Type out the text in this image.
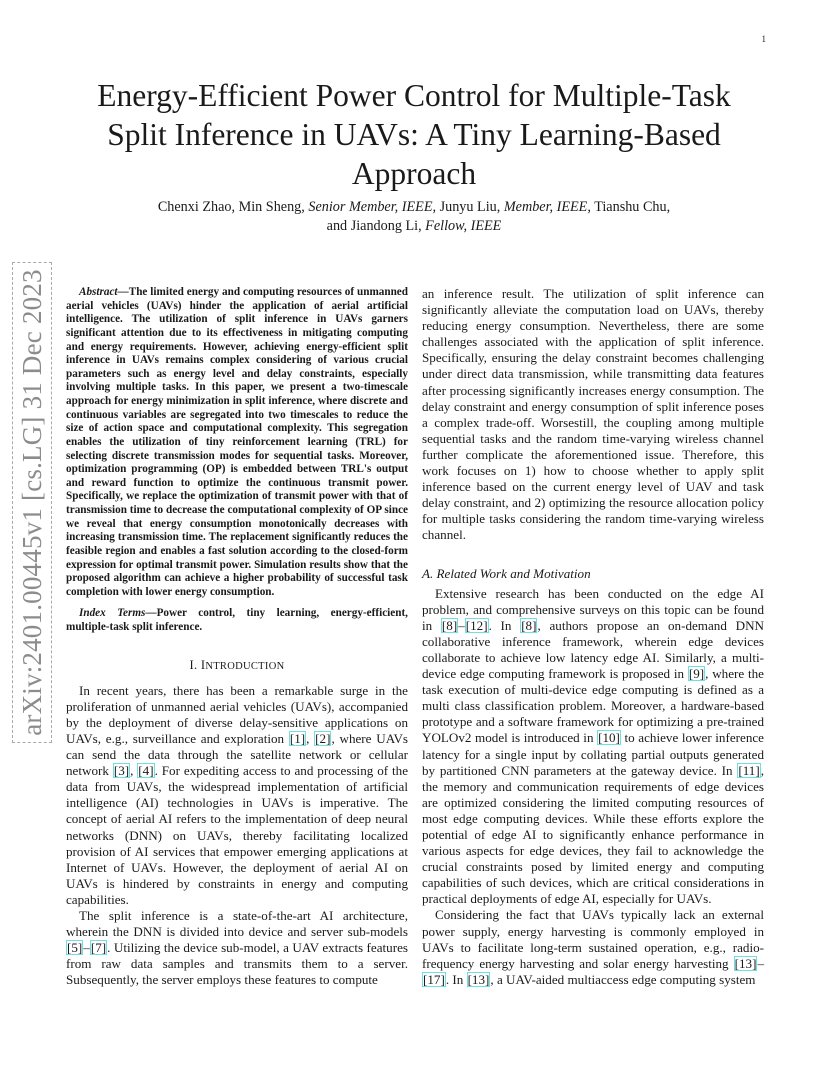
1
arXiv:2401.00445v1 [cs.LG] 31 Dec 2023
Energy-Efficient Power Control for Multiple-Task Split Inference in UAVs: A Tiny Learning-Based Approach
Chenxi Zhao, Min Sheng, Senior Member, IEEE, Junyu Liu, Member, IEEE, Tianshu Chu,
and Jiandong Li, Fellow, IEEE

Abstract—The limited energy and computing resources of unmanned aerial vehicles (UAVs) hinder the application of aerial artificial intelligence. The utilization of split inference in UAVs garners significant attention due to its effectiveness in mitigating computing and energy requirements. However, achieving energy-efficient split inference in UAVs remains complex considering of various crucial parameters such as energy level and delay constraints, especially involving multiple tasks. In this paper, we present a two-timescale approach for energy minimization in split inference, where discrete and continuous variables are segregated into two timescales to reduce the size of action space and computational complexity. This segregation enables the utilization of tiny reinforcement learning (TRL) for selecting discrete transmission modes for sequential tasks. Moreover, optimization programming (OP) is embedded between TRL's output and reward function to optimize the continuous transmit power. Specifically, we replace the optimization of transmit power with that of transmission time to decrease the computational complexity of OP since we reveal that energy consumption monotonically decreases with increasing transmission time. The replacement significantly reduces the feasible region and enables a fast solution according to the closed-form expression for optimal transmit power. Simulation results show that the proposed algorithm can achieve a higher probability of successful task completion with lower energy consumption.

Index Terms—Power control, tiny learning, energy-efficient, multiple-task split inference.

I. INTRODUCTION

In recent years, there has been a remarkable surge in the proliferation of unmanned aerial vehicles (UAVs), accompanied by the deployment of diverse delay-sensitive applications on UAVs, e.g., surveillance and exploration [1], [2], where UAVs can send the data through the satellite network or cellular network [3], [4]. For expediting access to and processing of the data from UAVs, the widespread implementation of artificial intelligence (AI) technologies in UAVs is imperative. The concept of aerial AI refers to the implementation of deep neural networks (DNN) on UAVs, thereby facilitating localized provision of AI services that empower emerging applications at Internet of UAVs. However, the deployment of aerial AI on UAVs is hindered by constraints in energy and computing capabilities.

The split inference is a state-of-the-art AI architecture, wherein the DNN is divided into device and server sub-models [5]–[7]. Utilizing the device sub-model, a UAV extracts features from raw data samples and transmits them to a server. Subsequently, the server employs these features to compute

an inference result. The utilization of split inference can significantly alleviate the computation load on UAVs, thereby reducing energy consumption. Nevertheless, there are some challenges associated with the application of split inference. Specifically, ensuring the delay constraint becomes challenging under direct data transmission, while transmitting data features after processing significantly increases energy consumption. The delay constraint and energy consumption of split inference poses a complex trade-off. Worsestill, the coupling among multiple sequential tasks and the random time-varying wireless channel further complicate the aforementioned issue. Therefore, this work focuses on 1) how to choose whether to apply split inference based on the current energy level of UAV and task delay constraint, and 2) optimizing the resource allocation policy for multiple tasks considering the random time-varying wireless channel.

A. Related Work and Motivation

Extensive research has been conducted on the edge AI problem, and comprehensive surveys on this topic can be found in [8]–[12]. In [8], authors propose an on-demand DNN collaborative inference framework, wherein edge devices collaborate to achieve low latency edge AI. Similarly, a multi-device edge computing framework is proposed in [9], where the task execution of multi-device edge computing is defined as a multi class classification problem. Moreover, a hardware-based prototype and a software framework for optimizing a pre-trained YOLOv2 model is introduced in [10] to achieve lower inference latency for a single input by collating partial outputs generated by partitioned CNN parameters at the gateway device. In [11], the memory and communication requirements of edge devices are optimized considering the limited computing resources of most edge computing devices. While these efforts explore the potential of edge AI to significantly enhance performance in various aspects for edge devices, they fail to acknowledge the crucial constraints posed by limited energy and computing capabilities of such devices, which are critical considerations in practical deployments of edge AI, especially for UAVs.

Considering the fact that UAVs typically lack an external power supply, energy harvesting is commonly employed in UAVs to facilitate long-term sustained operation, e.g., radio-frequency energy harvesting and solar energy harvesting [13]–[17]. In [13], a UAV-aided multiaccess edge computing system
